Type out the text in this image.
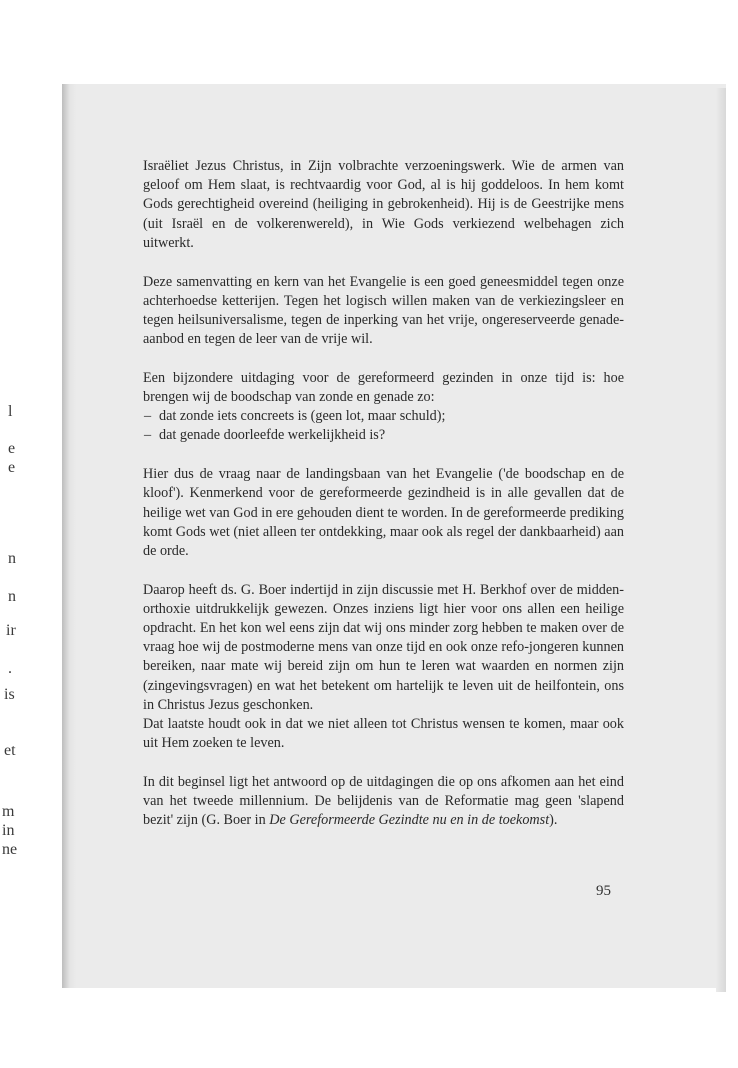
l
e
e
n
n
ir
.
is
et
m
in
ne

Israëliet Jezus Christus, in Zijn volbrachte verzoeningswerk. Wie de armen van geloof om Hem slaat, is rechtvaardig voor God, al is hij goddeloos. In hem komt Gods gerechtigheid overeind (heiliging in gebrokenheid). Hij is de Geestrijke mens (uit Israël en de volkerenwereld), in Wie Gods verkiezend welbehagen zich uitwerkt.

Deze samenvatting en kern van het Evangelie is een goed geneesmiddel tegen onze achterhoedse ketterijen. Tegen het logisch willen maken van de verkiezingsleer en tegen heilsuniversalisme, tegen de inperking van het vrije, ongereserveerde genade-aanbod en tegen de leer van de vrije wil.

Een bijzondere uitdaging voor de gereformeerd gezinden in onze tijd is: hoe brengen wij de boodschap van zonde en genade zo:
– dat zonde iets concreets is (geen lot, maar schuld);
– dat genade doorleefde werkelijkheid is?

Hier dus de vraag naar de landingsbaan van het Evangelie ('de boodschap en de kloof'). Kenmerkend voor de gereformeerde gezindheid is in alle gevallen dat de heilige wet van God in ere gehouden dient te worden. In de gereformeerde prediking komt Gods wet (niet alleen ter ontdekking, maar ook als regel der dankbaarheid) aan de orde.

Daarop heeft ds. G. Boer indertijd in zijn discussie met H. Berkhof over de midden-orthoxie uitdrukkelijk gewezen. Onzes inziens ligt hier voor ons allen een heilige opdracht. En het kon wel eens zijn dat wij ons minder zorg hebben te maken over de vraag hoe wij de postmoderne mens van onze tijd en ook onze refo-jongeren kunnen bereiken, naar mate wij bereid zijn om hun te leren wat waarden en normen zijn (zingevingsvragen) en wat het betekent om hartelijk te leven uit de heilfontein, ons in Christus Jezus geschonken.
Dat laatste houdt ook in dat we niet alleen tot Christus wensen te komen, maar ook uit Hem zoeken te leven.

In dit beginsel ligt het antwoord op de uitdagingen die op ons afkomen aan het eind van het tweede millennium. De belijdenis van de Reformatie mag geen 'slapend bezit' zijn (G. Boer in De Gereformeerde Gezindte nu en in de toekomst).

95
